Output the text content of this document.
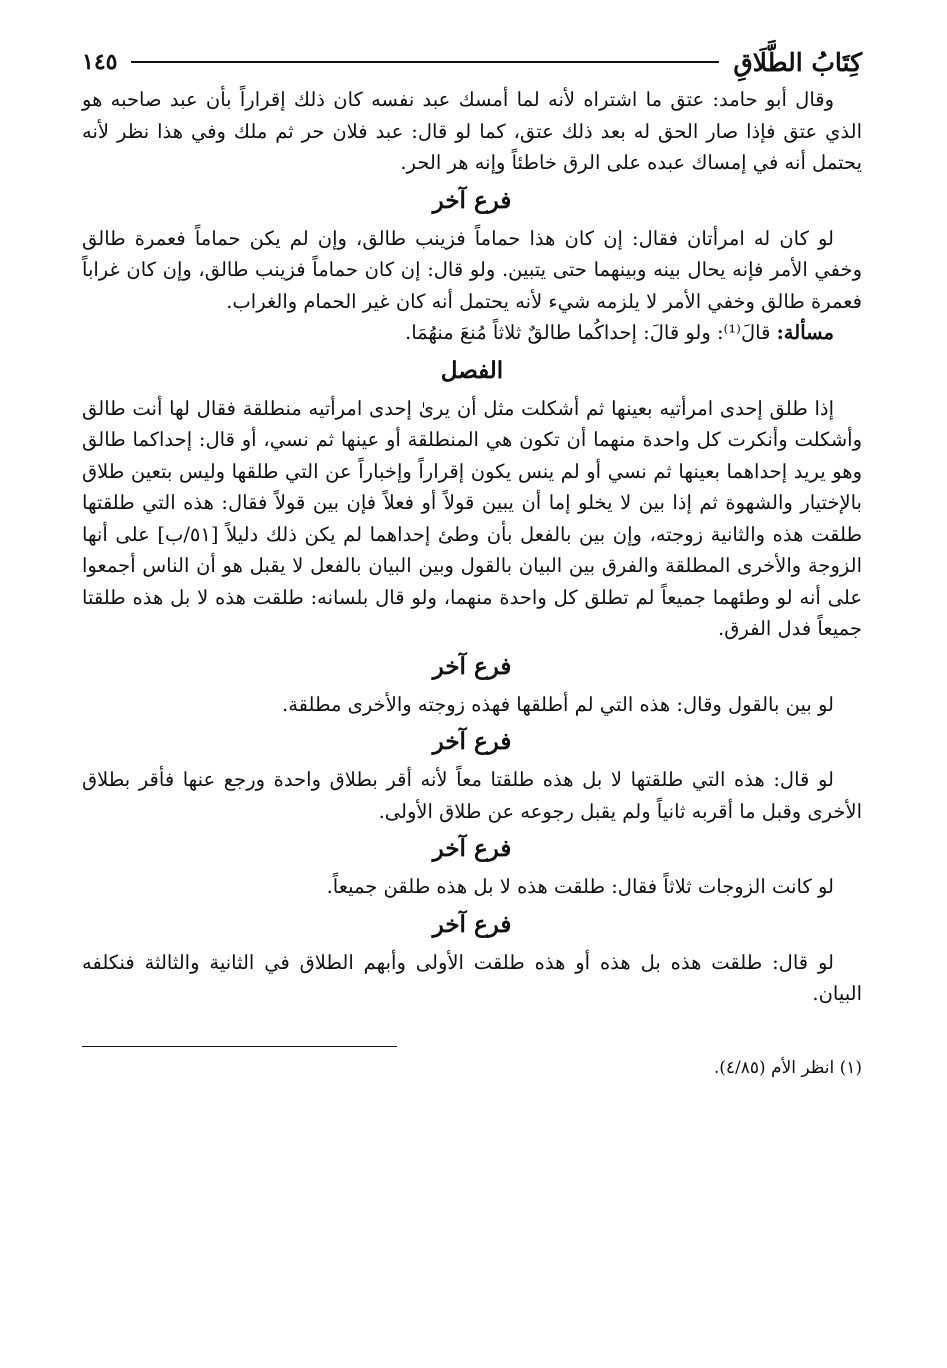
كِتَابُ الطَّلَاقِ
١٤٥

وقال أبو حامد: عتق ما اشتراه لأنه لما أمسك عبد نفسه كان ذلك إقراراً بأن عبد صاحبه هو الذي عتق فإذا صار الحق له بعد ذلك عتق، كما لو قال: عبد فلان حر ثم ملك وفي هذا نظر لأنه يحتمل أنه في إمساك عبده على الرق خاطئاً وإنه هر الحر.

فرع آخر

لو كان له امرأتان فقال: إن كان هذا حماماً فزينب طالق، وإن لم يكن حماماً فعمرة طالق وخفي الأمر فإنه يحال بينه وبينهما حتى يتبين. ولو قال: إن كان حماماً فزينب طالق، وإن كان غراباً فعمرة طالق وخفي الأمر لا يلزمه شيء لأنه يحتمل أنه كان غير الحمام والغراب.

مسألة: قالَ⁽¹⁾: ولو قالَ: إحداكُما طالقٌ ثلاثاً مُنعَ منهُمَا.

الفصل

إذا طلق إحدى امرأتيه بعينها ثم أشكلت مثل أن يرىٰ إحدى امرأتيه منطلقة فقال لها أنت طالق وأشكلت وأنكرت كل واحدة منهما أن تكون هي المنطلقة أو عينها ثم نسي، أو قال: إحداكما طالق وهو يريد إحداهما بعينها ثم نسي أو لم ينس يكون إقراراً وإخباراً عن التي طلقها وليس بتعين طلاق بالإختيار والشهوة ثم إذا بين لا يخلو إما أن يبين قولاً أو فعلاً فإن بين قولاً فقال: هذه التي طلقتها طلقت هذه والثانية زوجته، وإن بين بالفعل بأن وطئ إحداهما لم يكن ذلك دليلاً [٥١/ب] على أنها الزوجة والأخرى المطلقة والفرق بين البيان بالقول وبين البيان بالفعل لا يقبل هو أن الناس أجمعوا على أنه لو وطئهما جميعاً لم تطلق كل واحدة منهما، ولو قال بلسانه: طلقت هذه لا بل هذه طلقتا جميعاً فدل الفرق.

فرع آخر

لو بين بالقول وقال: هذه التي لم أطلقها فهذه زوجته والأخرى مطلقة.

فرع آخر

لو قال: هذه التي طلقتها لا بل هذه طلقتا معاً لأنه أقر بطلاق واحدة ورجع عنها فأقر بطلاق الأخرى وقبل ما أقربه ثانياً ولم يقبل رجوعه عن طلاق الأولى.

فرع آخر

لو كانت الزوجات ثلاثاً فقال: طلقت هذه لا بل هذه طلقن جميعاً.

فرع آخر

لو قال: طلقت هذه بل هذه أو هذه طلقت الأولى وأبهم الطلاق في الثانية والثالثة فنكلفه البيان.

(١) انظر الأم (٤/٨٥).
